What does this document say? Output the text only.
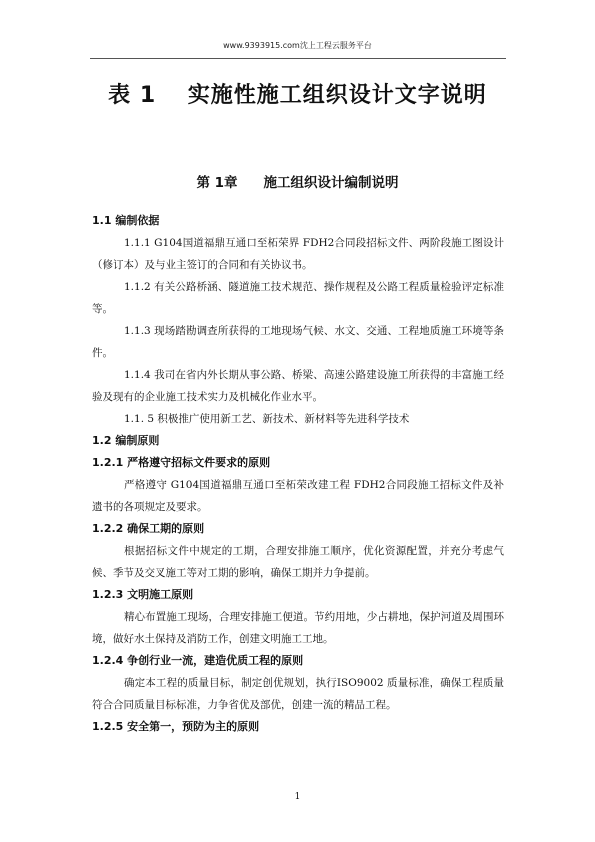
www.9393915.com沈上工程云服务平台
表 1　 实施性施工组织设计文字说明
第 1章 施工组织设计编制说明
1.1 编制依据
1.1.1 G104国道福鼎互通口至柘荣界 FDH2合同段招标文件、两阶段施工图设计（修订本）及与业主签订的合同和有关协议书。
1.1.2 有关公路桥涵、隧道施工技术规范、操作规程及公路工程质量检验评定标准等。
1.1.3 现场踏勘调查所获得的工地现场气候、水文、交通、工程地质施工环境等条件。
1.1.4 我司在省内外长期从事公路、桥梁、高速公路建设施工所获得的丰富施工经验及现有的企业施工技术实力及机械化作业水平。
1.1. 5 积极推广使用新工艺、新技术、新材料等先进科学技术
1.2 编制原则
1.2.1 严格遵守招标文件要求的原则
严格遵守 G104国道福鼎互通口至柘荣改建工程 FDH2合同段施工招标文件及补遗书的各项规定及要求。
1.2.2 确保工期的原则
根据招标文件中规定的工期，合理安排施工顺序，优化资源配置，并充分考虑气候、季节及交叉施工等对工期的影响，确保工期并力争提前。
1.2.3 文明施工原则
精心布置施工现场，合理安排施工便道。节约用地，少占耕地，保护河道及周围环境，做好水土保持及消防工作，创建文明施工工地。
1.2.4 争创行业一流，建造优质工程的原则
确定本工程的质量目标，制定创优规划，执行ISO9002 质量标准，确保工程质量符合合同质量目标标准，力争省优及部优，创建一流的精品工程。
1.2.5 安全第一，预防为主的原则
1
